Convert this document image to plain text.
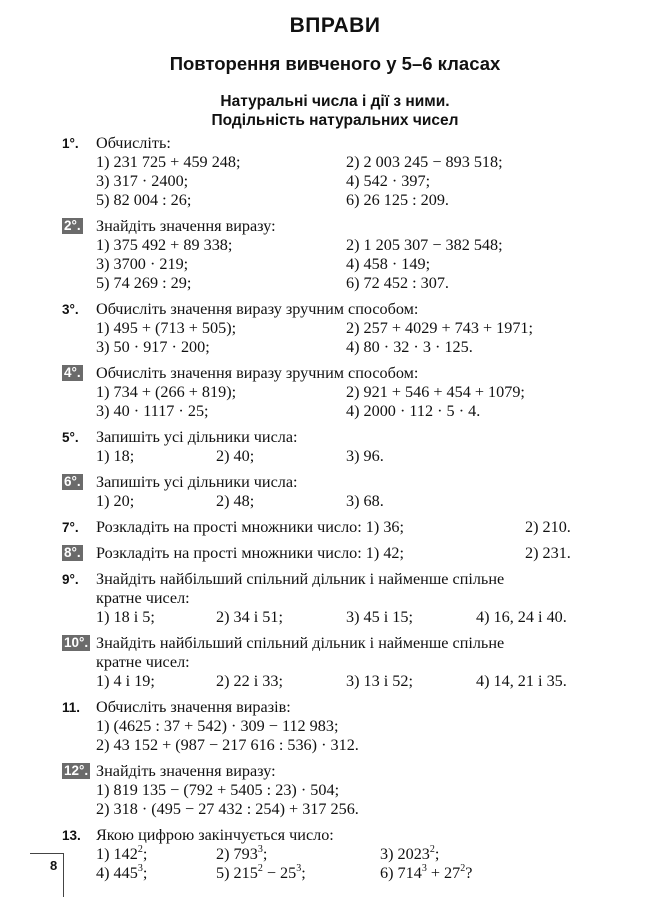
ВПРАВИ
Повторення вивченого у 5–6 класах
Натуральні числа і дії з ними.
Подільність натуральних чисел
1°. Обчисліть:
1) 231 725 + 459 248;	2) 2 003 245 − 893 518;
3) 317 · 2400;	4) 542 · 397;
5) 82 004 : 26;	6) 26 125 : 209.
2°. Знайдіть значення виразу:
1) 375 492 + 89 338;	2) 1 205 307 − 382 548;
3) 3700 · 219;	4) 458 · 149;
5) 74 269 : 29;	6) 72 452 : 307.
3°. Обчисліть значення виразу зручним способом:
1) 495 + (713 + 505);	2) 257 + 4029 + 743 + 1971;
3) 50 · 917 · 200;	4) 80 · 32 · 3 · 125.
4°. Обчисліть значення виразу зручним способом:
1) 734 + (266 + 819);	2) 921 + 546 + 454 + 1079;
3) 40 · 1117 · 25;	4) 2000 · 112 · 5 · 4.
5°. Запишіть усі дільники числа:
1) 18;	2) 40;	3) 96.
6°. Запишіть усі дільники числа:
1) 20;	2) 48;	3) 68.
7°. Розкладіть на прості множники число: 1) 36;	2) 210.
8°. Розкладіть на прості множники число: 1) 42;	2) 231.
9°. Знайдіть найбільший спільний дільник і найменше спільне
кратне чисел:
1) 18 і 5;	2) 34 і 51;	3) 45 і 15;	4) 16, 24 і 40.
10°. Знайдіть найбільший спільний дільник і найменше спільне
кратне чисел:
1) 4 і 19;	2) 22 і 33;	3) 13 і 52;	4) 14, 21 і 35.
11. Обчисліть значення виразів:
1) (4625 : 37 + 542) · 309 − 112 983;
2) 43 152 + (987 − 217 616 : 536) · 312.
12°. Знайдіть значення виразу:
1) 819 135 − (792 + 5405 : 23) · 504;
2) 318 · (495 − 27 432 : 254) + 317 256.
13. Якою цифрою закінчується число:
1) $142^2$;	2) $793^3$;	3) 2023$^2$;
4) $445^3$;	5) $215^2 - 25^3$;	6) $714^3 + 27^2$?
8
